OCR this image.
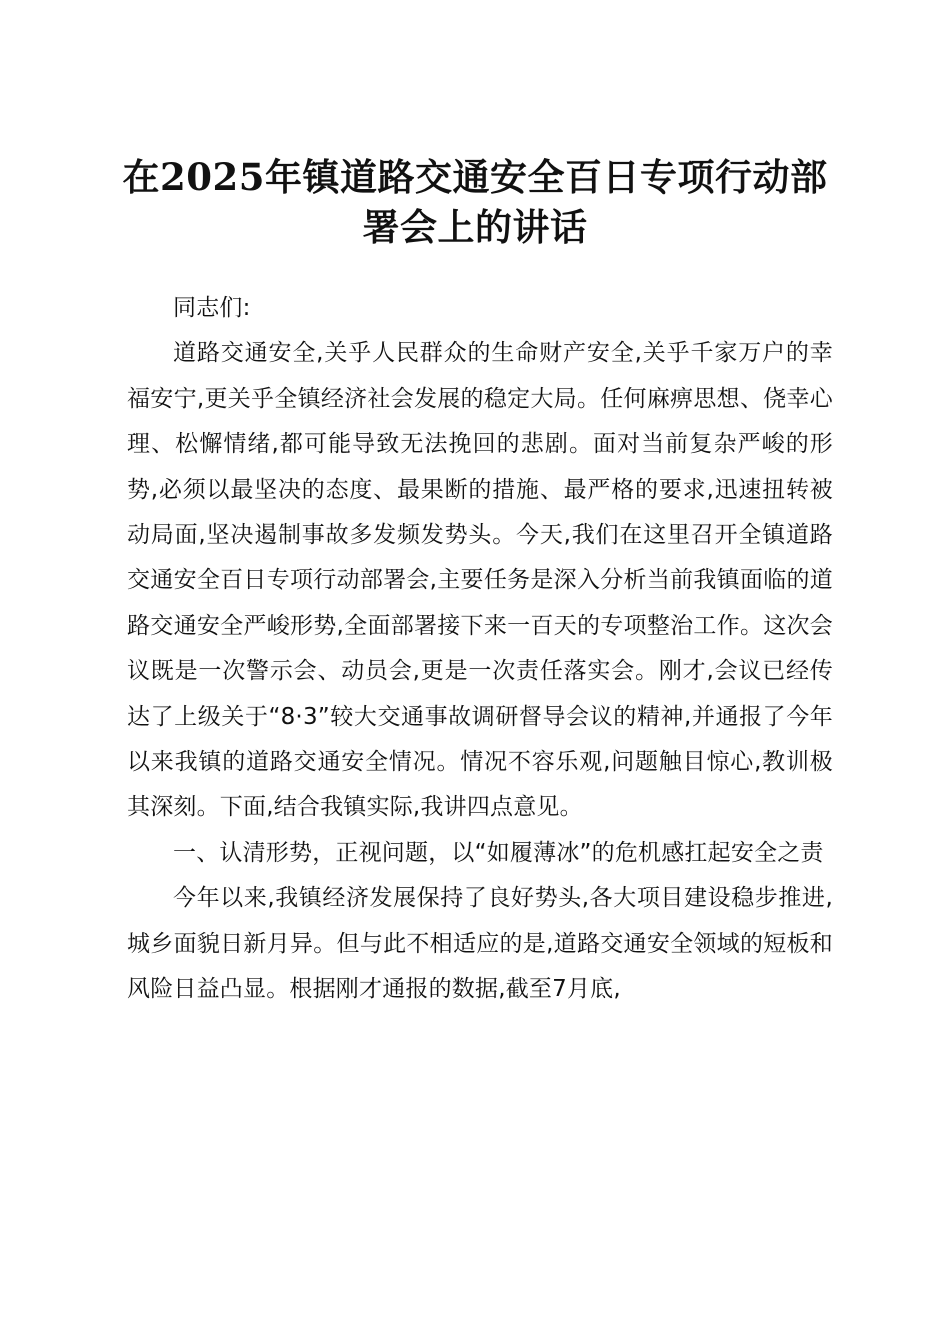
在2025年镇道路交通安全百日专项行动部署会上的讲话

同志们:

道路交通安全,关乎人民群众的生命财产安全,关乎千家万户的幸福安宁,更关乎全镇经济社会发展的稳定大局。任何麻痹思想、侥幸心理、松懈情绪,都可能导致无法挽回的悲剧。面对当前复杂严峻的形势,必须以最坚决的态度、最果断的措施、最严格的要求,迅速扭转被动局面,坚决遏制事故多发频发势头。今天,我们在这里召开全镇道路交通安全百日专项行动部署会,主要任务是深入分析当前我镇面临的道路交通安全严峻形势,全面部署接下来一百天的专项整治工作。这次会议既是一次警示会、动员会,更是一次责任落实会。刚才,会议已经传达了上级关于“8·3”较大交通事故调研督导会议的精神,并通报了今年以来我镇的道路交通安全情况。情况不容乐观,问题触目惊心,教训极其深刻。下面,结合我镇实际,我讲四点意见。

一、认清形势，正视问题，以“如履薄冰”的危机感扛起安全之责

今年以来,我镇经济发展保持了良好势头,各大项目建设稳步推进,城乡面貌日新月异。但与此不相适应的是,道路交通安全领域的短板和风险日益凸显。根据刚才通报的数据,截至7月底,
